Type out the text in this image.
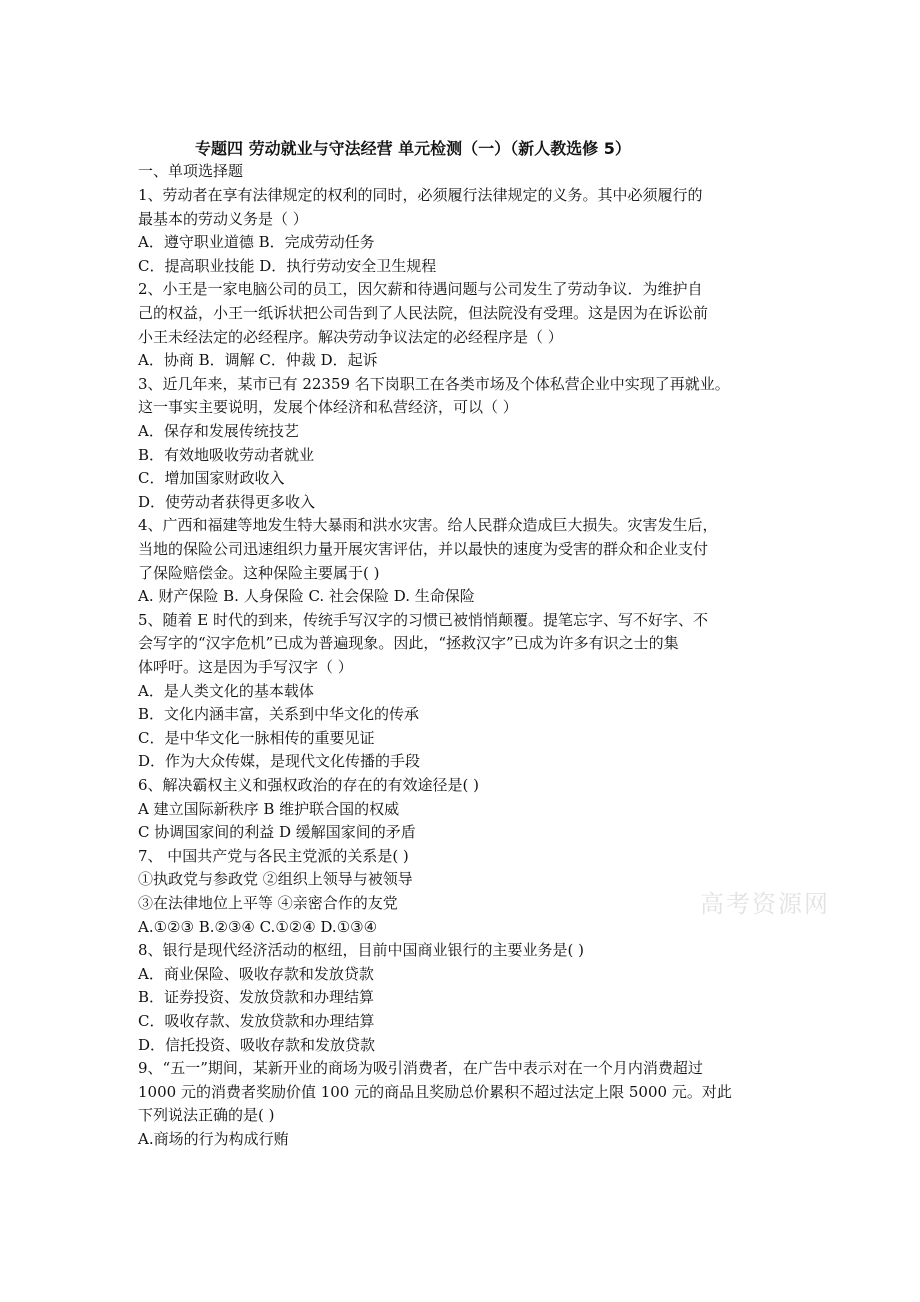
专题四 劳动就业与守法经营 单元检测（一）（新人教选修 5）
一、单项选择题
1、劳动者在享有法律规定的权利的同时，必须履行法律规定的义务。其中必须履行的
最基本的劳动义务是（ ）
A．遵守职业道德 B．完成劳动任务
C．提高职业技能 D．执行劳动安全卫生规程
2、小王是一家电脑公司的员工，因欠薪和待遇问题与公司发生了劳动争议．为维护自
己的权益，小王一纸诉状把公司告到了人民法院，但法院没有受理。这是因为在诉讼前
小王未经法定的必经程序。解决劳动争议法定的必经程序是（ ）
A．协商 B．调解 C．仲裁 D．起诉
3、近几年来，某市已有 22359 名下岗职工在各类市场及个体私营企业中实现了再就业。
这一事实主要说明，发展个体经济和私营经济，可以（ ）
A．保存和发展传统技艺
B．有效地吸收劳动者就业
C．增加国家财政收入
D．使劳动者获得更多收入
4、广西和福建等地发生特大暴雨和洪水灾害。给人民群众造成巨大损失。灾害发生后，
当地的保险公司迅速组织力量开展灾害评估，并以最快的速度为受害的群众和企业支付
了保险赔偿金。这种保险主要属于( )
A. 财产保险 B. 人身保险 C. 社会保险 D. 生命保险
5、随着 E 时代的到来，传统手写汉字的习惯已被悄悄颠覆。提笔忘字、写不好字、不
会写字的“汉字危机”已成为普遍现象。因此，“拯救汉字”已成为许多有识之士的集
体呼吁。这是因为手写汉字（ ）
A．是人类文化的基本载体
B．文化内涵丰富，关系到中华文化的传承
C．是中华文化一脉相传的重要见证
D．作为大众传媒，是现代文化传播的手段
6、解决霸权主义和强权政治的存在的有效途径是( )
A 建立国际新秩序 B 维护联合国的权威
C 协调国家间的利益 D 缓解国家间的矛盾
7、 中国共产党与各民主党派的关系是( )
①执政党与参政党 ②组织上领导与被领导
③在法律地位上平等 ④亲密合作的友党
A.①②③ B.②③④ C.①②④ D.①③④
8、银行是现代经济活动的枢纽，目前中国商业银行的主要业务是( )
A．商业保险、吸收存款和发放贷款
B．证券投资、发放贷款和办理结算
C．吸收存款、发放贷款和办理结算
D．信托投资、吸收存款和发放贷款
9、“五一”期间，某新开业的商场为吸引消费者，在广告中表示对在一个月内消费超过
1000 元的消费者奖励价值 100 元的商品且奖励总价累积不超过法定上限 5000 元。对此
下列说法正确的是( )
A.商场的行为构成行贿
高考资源网
